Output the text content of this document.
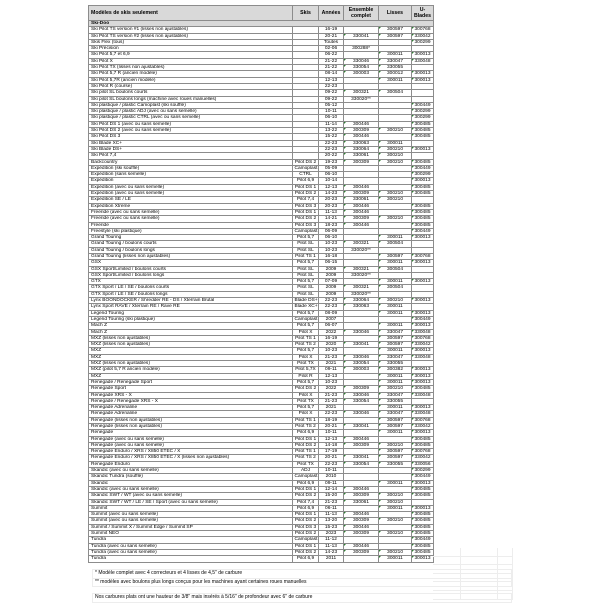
Modèles de skis seulement	Skis	Années	Ensemble complet	Lisses	U-Blades
Ski-Doo					
Ski Pilot TS version #1 (lisses non ajustables)		16-19		300597	300768
Ski Pilot TS version #2 (lisses non ajustables)		20-21	330041	300597	330042
Skis Flex (tous)		Toutes			300299
Ski Précision		02-06	300288*		
Ski Pilot 5,7 et 6,9		06-22		300011	300013
Ski Pilot X		21-22	330046	330047	330048
Ski Pilot TX (lisses non ajustables)		21-22	330054	330055	
Ski Pilot 5,7 R (ancien modèle)		08-14	300003	300012	300013
Ski Pilot 5,7R (ancien modèle)		12-13		300011	300013
Ski Pilot R (course)		22-23			
Ski pilot SL boulons courts		09-22	300321	300504	
Ski pilot SL boulons longs (machine avec roues manuelles)		09-22	330020**		
Ski plastique / plastic Camoplast (ski soufflé)		05-12			300449
Ski plastique / plastic ADJ (avec ou sans semelle)		10-11			300299
Ski plastique / plastic CTRL (avec ou sans semelle)		06-10			300299
Ski Pilot DS 1 (avec ou sans semelle)		11-14	300446		300485
Ski Pilot DS 2 (avec ou sans semelle)		13-22	300309	300210	300485
Ski Pilot DS 3		15-22	300446		300485
Ski Blade XC+		22-23	330063	300011	
Ski Blade DS+		22-23	330064	300210	300013
Ski Pilot 7,4		20-22	330061	300210	
Backcountry	Pilot DS 2	19-23	300309	300210	300485
Expédition (ski soufflé)	Camoplast	05-09			300449
Expédition (sans semelle)	CTRL	06-10			300299
Expédition	Pilot 6,9	10-14			300013
Expédition (avec ou sans semelle)	Pilot DS 1	12-13	300446		300485
Expédition (avec ou sans semelle)	Pilot DS 2	14-23	300309	300210	300485
Expédition SE / LE	Pilot 7,4	20-23	330061	300210	
Expédition Xtreme	Pilot DS 3	20-23	300446		300485
Freeride (avec ou sans semelle)	Pilot DS 1	11-13	300446		300485
Freeride (avec ou sans semelle)	Pilot DS 2	14-21	300309	300210	300485
Freeride	Pilot DS 3	18-23	300446		300485
Freestyle (ski plastique)	Camoplast	06-09			300449
Grand Touring	Pilot 5,7	06-10		300011	300013
Grand Touring / boulons courts	Pilot SL	10-23	300321	300504	
Grand Touring / boulons longs	Pilot SL	10-23	330020**		
Grand Touring (lisses non ajustables)	Pilot TS 1	16-18		300597	300768
GSX	Pilot 5,7	06-15		300011	300013
GSX Sport/Limited / boulons courts	Pilot SL	2009	300321	300504	
GSX Sport/Limited / boulons longs	Pilot SL	2009	330020**		
GTX	Pilot 5,7	07-09		300011	300013
GTX Sport / LE / SE / boulons courts	Pilot SL	2009	300321	300504	
GTX Sport / LE / SE / boulons longs	Pilot SL	2009	330020**		
Lynx BOONDOCKER / Shredder RE - DS / Xterrain Brutal	Blade DS+	22-23	330064	300210	300013
Lynx Sport RAVE / Xterrain RE / Rave RE	Blade XC+	22-23	330063	300011	
Legend Touring	Pilot 5,7	08-09		300011	300013
Legend Touring (ski plastique)	Camoplast	2007			300449
Mach Z	Pilot 5,7	06-07		300011	300013
Mach Z	Pilot X	2022	330046	330047	330048
MXZ (lisses non ajustables)	Pilot TS 1	16-19		300597	300768
MXZ (lisses non ajustables)	Pilot TS 2	2020	330041	300597	330042
MXZ	Pilot 5,7	10-23		300011	300013
MXZ	Pilot X	21-23	330046	330047	330048
MXZ (lisses non ajustables)	Pilot TX	2021	330054	330055	
MXZ (pilot 5,7 R ancien modèle)	Pilot 5,7X	09-11	300003	300382	300013
MXZ	Pilot R	12-13		300011	300013
Renegade / Renegade Sport	Pilot 5,7	10-23		300011	300013
Renegade Sport	Pilot DS 2	2022	300309	300210	300485
Renegade XRS - X	Pilot X	21-23	330046	330047	330048
Renegade / Renegade XRS - X	Pilot TX	21-23	330054	330055	
Renegade Adrenaline	Pilot 5,7	2021		300011	300013
Renegade Adrenaline	Pilot X	22-23	330046	330047	330048
Renegade (lisses non ajustables)	Pilot TS 1	18-19		300597	300768
Renegade (lisses non ajustables)	Pilot TS 2	20-21	330041	300597	330042
Renegade	Pilot 6,9	10-11		300011	300013
Renegade (avec ou sans semelle)	Pilot DS 1	12-13	300446		300485
Renegade (avec ou sans semelle)	Pilot DS 2	14-18	300309	300210	300485
Renegade Enduro / XRS / X850 ETEC / X	Pilot TS 1	17-19		300597	300768
Renegade Enduro / XRS / X850 ETEC / X (lisses non ajustables)	Pilot TS 2	20-21	330041	300597	330042
Renegade Enduro	Pilot TX	22-23	330054	330055	330056
Skandic (avec ou sans semelle)	ADJ	10-11			300299
Skandic Tundra (soufflé)	Camoplast	2010			300449
Skandic	Pilot 6,9	09-11		300011	300013
Skandic (avec ou sans semelle)	Pilot DS 1	12-14	300446		300485
Skandic SWT / WT (avec ou sans semelle)	Pilot DS 2	15-20	300309	300210	300485
Skandic SWT / WT / LE / SE / Sport (avec ou sans semelle)	Pilot 7,4	21-23	330061	300210	
Summit	Pilot 6,9	06-11		300011	300013
Summit (avec ou sans semelle)	Pilot DS 1	11-13	300446		300485
Summit (avec ou sans semelle)	Pilot DS 2	13-20	300309	300210	300485
Summit / Summit X / Summit Edge / Summit SP	Pilot DS 3	15-23	300446		300485
Summit NEO	Pilot DS 2	2023	300309	300210	300485
Tundra	Camoplast	11-12			300449
Tundra (avec ou sans semelle)	Pilot DS 1	11-13	300446		300485
Tundra (avec ou sans semelle)	Pilot DS 2	14-23	300309	300210	300485
Tundra	Pilot 6,9	2011		300011	300013
* Modèle complet avec 4 correcteurs et 4 lisses de 4,5" de carbure
** modèles avec boulons plus longs conçus pour les machines ayant certaines roues manuelles
Nos carbures plats ont une hauteur de 3/8" mais insérés à 5/16" de profondeur avec 6" de carbure
